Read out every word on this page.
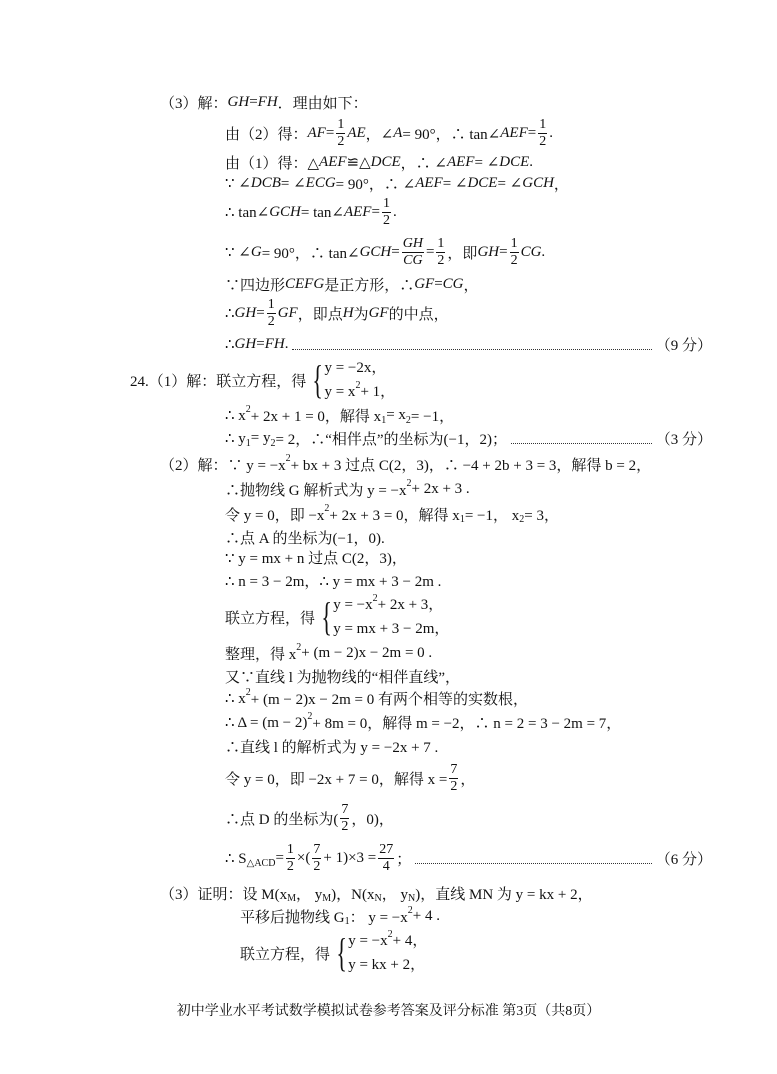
（3）解： GH = FH ．理由如下：
由（2）得： AF = $\frac{1}{2}$ AE ，∠ A = 90°，∴ tan∠ AEF = $\frac{1}{2}$ .
由（1）得：△ AEF ≌△ DCE ，∴ ∠ AEF = ∠ DCE .
∵ ∠ DCB = ∠ ECG = 90°，∴ ∠ AEF = ∠ DCE = ∠ GCH ，
∴ tan∠ GCH = tan∠ AEF = $\frac{1}{2}$ .
∵ ∠ G = 90°，∴ tan∠ GCH = $\frac{GH}{CG} = \frac{1}{2}$ ，即 GH = $\frac{1}{2}$ CG .
∵四边形 CEFG 是正方形，∴ GF = CG ，
∴ GH = $\frac{1}{2}$ GF ，即点 H 为 GF 的中点，
∴ GH = FH .	（9 分）
24.（1）解：联立方程，得 { y = −2x，
y = x 2 + 1，
∴ x 2 + 2x + 1 = 0，解得 x 1 = x 2 = −1，
∴ y 1 = y 2 = 2，∴“相伴点”的坐标为(−1，2)；	（3 分）
（2）解：∵ y = −x 2 + bx + 3 过点 C(2，3)，∴ −4 + 2b + 3 = 3，解得 b = 2，
∴抛物线 G 解析式为 y = −x 2 + 2x + 3 .
令 y = 0，即 −x 2 + 2x + 3 = 0，解得 x 1 = −1， x 2 = 3，
∴点 A 的坐标为(−1，0).
∵ y = mx + n 过点 C(2，3)，
∴ n = 3 − 2m，∴ y = mx + 3 − 2m .
联立方程，得 { y = −x 2 + 2x + 3，
y = mx + 3 − 2m，
整理，得 x 2 + (m − 2)x − 2m = 0 .
又∵直线 l 为抛物线的“相伴直线”，
∴ x 2 + (m − 2)x − 2m = 0 有两个相等的实数根，
∴ Δ = (m − 2) 2 + 8m = 0，解得 m = −2，∴ n = 2 = 3 − 2m = 7，
∴直线 l 的解析式为 y = −2x + 7 .
令 y = 0，即 −2x + 7 = 0，解得 $x = \frac{7}{2}$ ，
∴点 D 的坐标为( $\frac{7}{2}$ ，0)，
∴ S △ACD = $\frac{1}{2}$ ×( $\frac{7}{2} + 1)\times 3 = \frac{27}{4}$ ；	（6 分）
（3）证明：设 M(x M ， y M )，N(x N ， y N )，直线 MN 为 y = kx + 2，
平移后抛物线 G 1 ： y = −x 2 + 4 .
联立方程，得 { y = −x 2 + 4，
y = kx + 2，
初中学业水平考试数学模拟试卷参考答案及评分标准 第3页（共8页）
